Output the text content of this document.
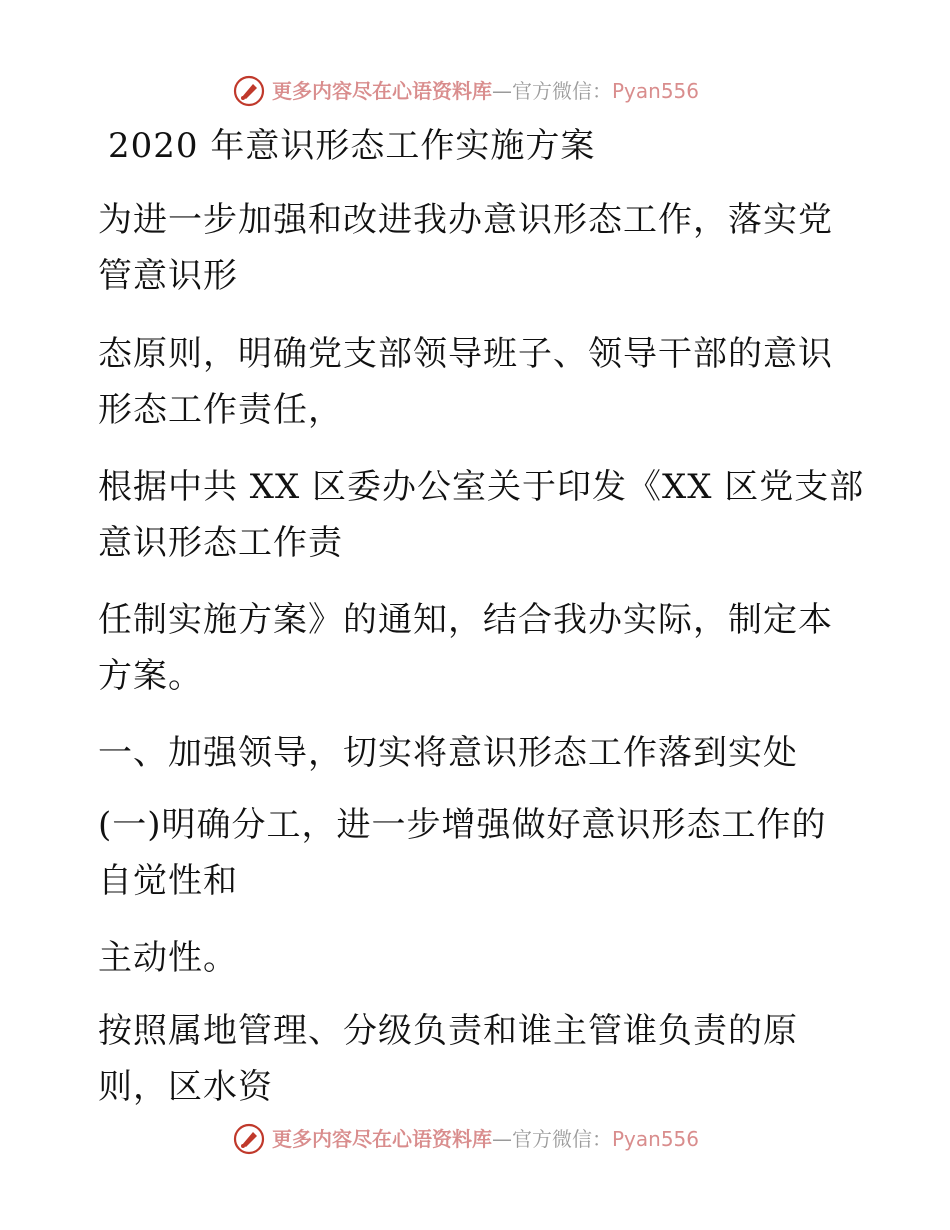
更多内容尽在心语资料库—官方微信：Pyan556
2020 年意识形态工作实施方案
为进一步加强和改进我办意识形态工作，落实党
管意识形
态原则，明确党支部领导班子、领导干部的意识
形态工作责任，
根据中共 XX 区委办公室关于印发《XX 区党支部
意识形态工作责
任制实施方案》的通知，结合我办实际，制定本
方案。
一、加强领导，切实将意识形态工作落到实处
(一)明确分工，进一步增强做好意识形态工作的
自觉性和
主动性。
按照属地管理、分级负责和谁主管谁负责的原
则，区水资
更多内容尽在心语资料库—官方微信：Pyan556
